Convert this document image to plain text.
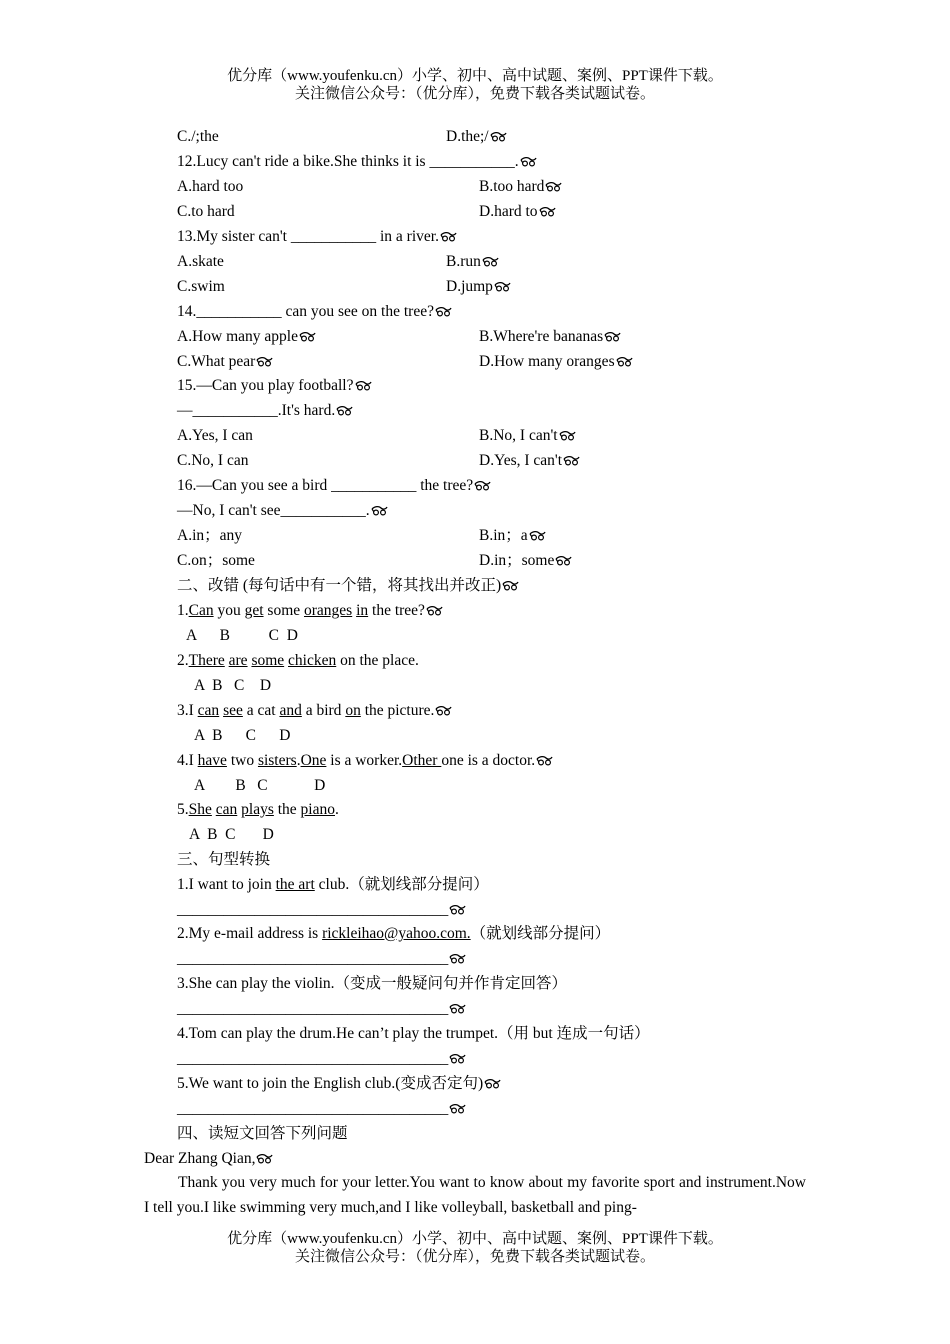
优分库（www.youfenku.cn）小学、初中、高中试题、案例、PPT课件下载。
关注微信公众号：（优分库），免费下载各类试题试卷。
C./;the	D.the;/
12.Lucy can't ride a bike.She thinks it is ___________.
A.hard too	B.too hard
C.to hard	D.hard to
13.My sister can't ___________ in a river.
A.skate	B.run
C.swim	D.jump
14.___________ can you see on the tree?
A.How many apple	B.Where're bananas
C.What pear	D.How many oranges
15.—Can you play football?
—___________.It's hard.
A.Yes, I can	B.No, I can't
C.No, I can	D.Yes, I can't
16.—Can you see a bird ___________ the tree?
—No, I can't see___________.
A.in；any	B.in；a
C.on；some	D.in；some
二、改错 (每句话中有一个错，将其找出并改正)
1.Can you get some oranges in the tree?
A      B          C  D
2.There are some chicken on the place.
A  B   C    D
3.I can see a cat and a bird on the picture.
A  B      C      D
4.I have two sisters.One is a worker.Other one is a doctor.
A        B   C            D
5.She can plays the piano.
A  B  C       D
三、句型转换
1.I want to join the art club.（就划线部分提问）
___________________________________
2.My e-mail address is rickleihao@yahoo.com.（就划线部分提问）
___________________________________
3.She can play the violin.（变成一般疑问句并作肯定回答）
___________________________________
4.Tom can play the drum.He can’t play the trumpet.（用 but 连成一句话）
___________________________________
5.We want to join the English club.(变成否定句)
___________________________________
四、读短文回答下列问题
Dear Zhang Qian,
Thank you very much for your letter.You want to know about my favorite sport and instrument.Now I tell you.I like swimming very much,and I like volleyball, basketball and ping-
优分库（www.youfenku.cn）小学、初中、高中试题、案例、PPT课件下载。
关注微信公众号：（优分库），免费下载各类试题试卷。
